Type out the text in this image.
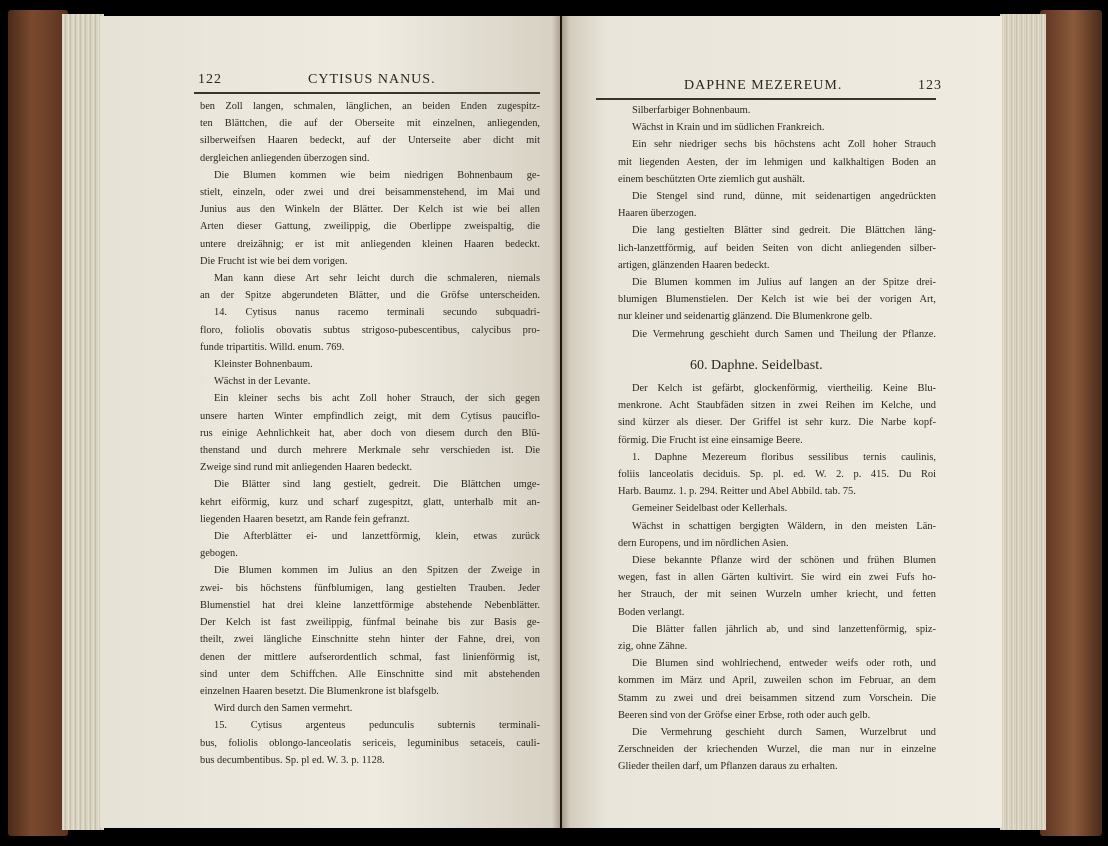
122	CYTISUS NANUS.
ben Zoll langen, schmalen, länglichen, an beiden Enden zugespitz-
ten Blättchen, die auf der Oberseite mit einzelnen, anliegenden,
silberweifsen Haaren bedeckt, auf der Unterseite aber dicht mit
dergleichen anliegenden überzogen sind.
Die Blumen kommen wie beim niedrigen Bohnenbaum ge-
stielt, einzeln, oder zwei und drei beisammenstehend, im Mai und
Junius aus den Winkeln der Blätter. Der Kelch ist wie bei allen
Arten dieser Gattung, zweilippig, die Oberlippe zweispaltig, die
untere dreizähnig; er ist mit anliegenden kleinen Haaren bedeckt.
Die Frucht ist wie bei dem vorigen.
Man kann diese Art sehr leicht durch die schmaleren, niemals
an der Spitze abgerundeten Blätter, und die Gröfse unterscheiden.
14. Cytisus nanus racemo terminali secundo subquadri-
floro, foliolis obovatis subtus strigoso-pubescentibus, calycibus pro-
funde tripartitis. Willd. enum. 769.
Kleinster Bohnenbaum.
Wächst in der Levante.
Ein kleiner sechs bis acht Zoll hoher Strauch, der sich gegen
unsere harten Winter empfindlich zeigt, mit dem Cytisus pauciflo-
rus einige Aehnlichkeit hat, aber doch von diesem durch den Blü-
thenstand und durch mehrere Merkmale sehr verschieden ist. Die
Zweige sind rund mit anliegenden Haaren bedeckt.
Die Blätter sind lang gestielt, gedreit. Die Blättchen umge-
kehrt eiförmig, kurz und scharf zugespitzt, glatt, unterhalb mit an-
liegenden Haaren besetzt, am Rande fein gefranzt.
Die Afterblätter ei- und lanzettförmig, klein, etwas zurück
gebogen.
Die Blumen kommen im Julius an den Spitzen der Zweige in
zwei- bis höchstens fünfblumigen, lang gestielten Trauben. Jeder
Blumenstiel hat drei kleine lanzettförmige abstehende Nebenblätter.
Der Kelch ist fast zweilippig, fünfmal beinahe bis zur Basis ge-
theilt, zwei längliche Einschnitte stehn hinter der Fahne, drei, von
denen der mittlere aufserordentlich schmal, fast linienförmig ist,
sind unter dem Schiffchen. Alle Einschnitte sind mit abstehenden
einzelnen Haaren besetzt. Die Blumenkrone ist blafsgelb.
Wird durch den Samen vermehrt.
15. Cytisus argenteus pedunculis subternis terminali-
bus, foliolis oblongo-lanceolatis sericeis, leguminibus setaceis, cauli-
bus decumbentibus. Sp. pl ed. W. 3. p. 1128.
DAPHNE MEZEREUM.	123
Silberfarbiger Bohnenbaum.
Wächst in Krain und im südlichen Frankreich.
Ein sehr niedriger sechs bis höchstens acht Zoll hoher Strauch
mit liegenden Aesten, der im lehmigen und kalkhaltigen Boden an
einem beschützten Orte ziemlich gut aushält.
Die Stengel sind rund, dünne, mit seidenartigen angedrückten
Haaren überzogen.
Die lang gestielten Blätter sind gedreit. Die Blättchen läng-
lich-lanzettförmig, auf beiden Seiten von dicht anliegenden silber-
artigen, glänzenden Haaren bedeckt.
Die Blumen kommen im Julius auf langen an der Spitze drei-
blumigen Blumenstielen. Der Kelch ist wie bei der vorigen Art,
nur kleiner und seidenartig glänzend. Die Blumenkrone gelb.
Die Vermehrung geschieht durch Samen und Theilung der Pflanze.
60. Daphne. Seidelbast.
Der Kelch ist gefärbt, glockenförmig, viertheilig. Keine Blu-
menkrone. Acht Staubfäden sitzen in zwei Reihen im Kelche, und
sind kürzer als dieser. Der Griffel ist sehr kurz. Die Narbe kopf-
förmig. Die Frucht ist eine einsamige Beere.
1. Daphne Mezereum floribus sessilibus ternis caulinis,
foliis lanceolatis deciduis. Sp. pl. ed. W. 2. p. 415. Du Roi
Harb. Baumz. 1. p. 294. Reitter und Abel Abbild. tab. 75.
Gemeiner Seidelbast oder Kellerhals.
Wächst in schattigen bergigten Wäldern, in den meisten Län-
dern Europens, und im nördlichen Asien.
Diese bekannte Pflanze wird der schönen und frühen Blumen
wegen, fast in allen Gärten kultivirt. Sie wird ein zwei Fufs ho-
her Strauch, der mit seinen Wurzeln umher kriecht, und fetten
Boden verlangt.
Die Blätter fallen jährlich ab, und sind lanzettenförmig, spiz-
zig, ohne Zähne.
Die Blumen sind wohlriechend, entweder weifs oder roth, und
kommen im März und April, zuweilen schon im Februar, an dem
Stamm zu zwei und drei beisammen sitzend zum Vorschein. Die
Beeren sind von der Gröfse einer Erbse, roth oder auch gelb.
Die Vermehrung geschieht durch Samen, Wurzelbrut und
Zerschneiden der kriechenden Wurzel, die man nur in einzelne
Glieder theilen darf, um Pflanzen daraus zu erhalten.
